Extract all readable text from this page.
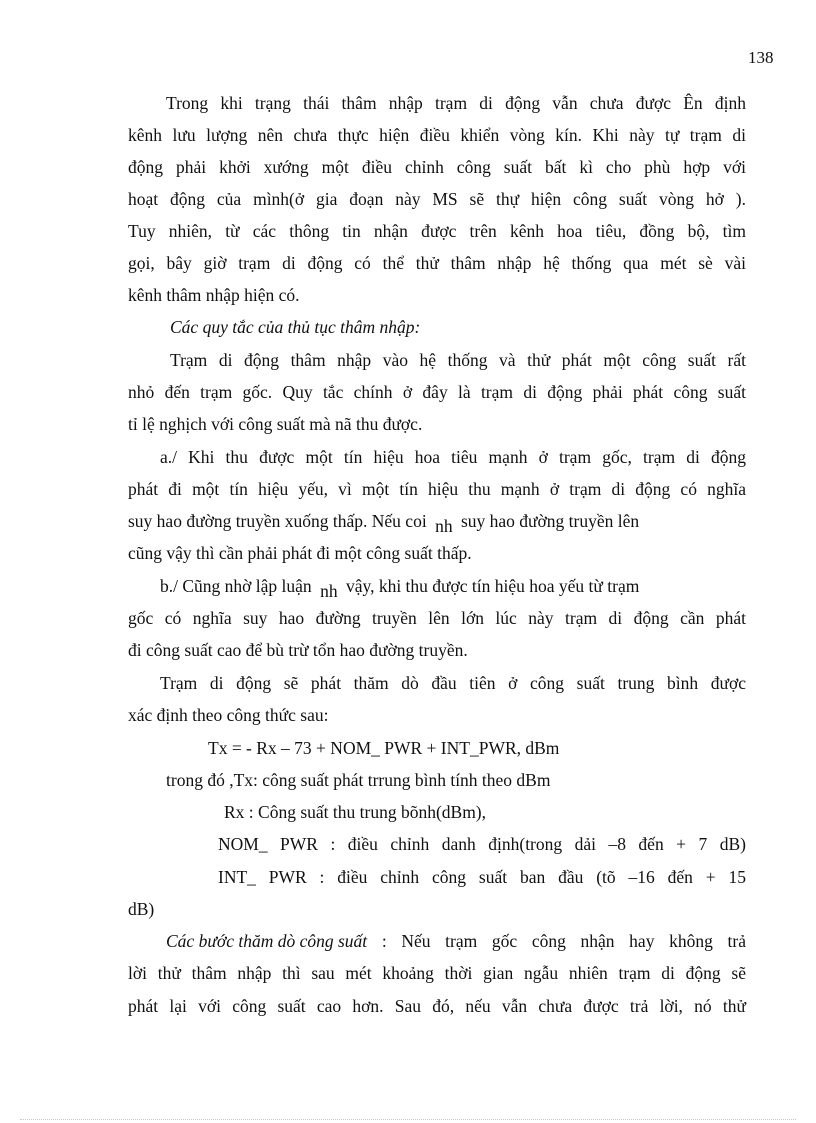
138
Trong khi trạng thái thâm nhập trạm di động vẫn chưa được Ên định
kênh lưu lượng nên chưa thực hiện điều khiển vòng kín. Khi này tự trạm di
động phải khởi xướng một điều chỉnh công suất bất kì cho phù hợp với
hoạt động của mình(ở gia đoạn này MS sẽ thự hiện công suất vòng hở ).
Tuy nhiên, từ các thông tin nhận được trên kênh hoa tiêu, đồng bộ, tìm
gọi, bây giờ trạm di động có thể thử thâm nhập hệ thống qua mét sè vài
kênh thâm nhập hiện có.
Các quy tắc của thủ tục thâm nhập:
Trạm di động thâm nhập vào hệ thống và thử phát một công suất rất
nhỏ đến trạm gốc. Quy tắc chính ở đây là trạm di động phải phát công suất
tỉ lệ nghịch với công suất mà nã thu được.
a./ Khi thu được một tín hiệu hoa tiêu mạnh ở trạm gốc, trạm di động
phát đi một tín hiệu yếu, vì một tín hiệu thu mạnh ở trạm di động có nghĩa
suy hao đường truyền xuống thấp. Nếu coi nh suy hao đường truyền lên
cũng vậy thì cần phải phát đi một công suất thấp.
b./ Cũng nhờ lập luận nh vậy, khi thu được tín hiệu hoa yếu từ trạm
gốc có nghĩa suy hao đường truyền lên lớn lúc này trạm di động cần phát
đi công suất cao để bù trừ tổn hao đường truyền.
Trạm di động sẽ phát thăm dò đầu tiên ở công suất trung bình được
xác định theo công thức sau:
Tx = - Rx – 73 + NOM_ PWR + INT_PWR, dBm
trong đó ,Tx: công suất phát trrung bình tính theo dBm
Rx : Công suất thu trung bõnh(dBm),
NOM_ PWR : điều chỉnh danh định(trong dải –8 đến + 7 dB)
INT_ PWR : điều chỉnh công suất ban đầu (tõ –16 đến + 15
dB)
Các bước thăm dò công suất : Nếu trạm gốc công nhận hay không trả
lời thử thâm nhập thì sau mét khoảng thời gian ngẫu nhiên trạm di động sẽ
phát lại với công suất cao hơn. Sau đó, nếu vẫn chưa được trả lời, nó thử
